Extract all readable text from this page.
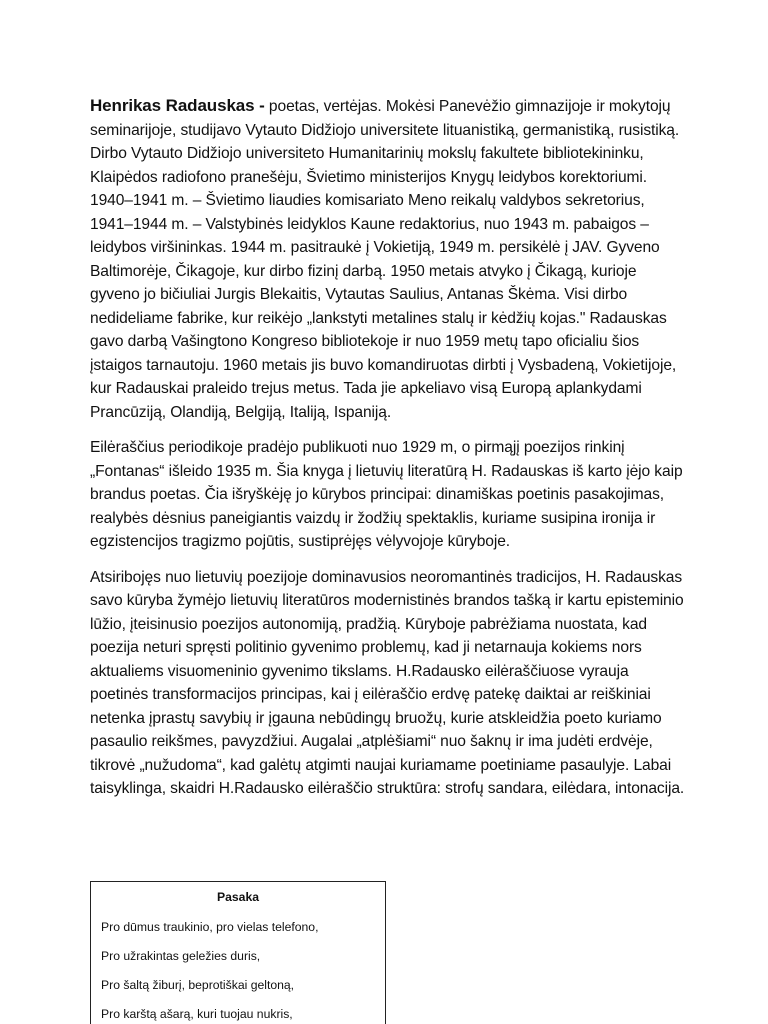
Henrikas Radauskas - poetas, vertėjas. Mokėsi Panevėžio gimnazijoje ir mokytojų seminarijoje, studijavo Vytauto Didžiojo universitete lituanistiką, germanistiką, rusistiką. Dirbo Vytauto Didžiojo universiteto Humanitarinių mokslų fakultete bibliotekininku, Klaipėdos radiofono pranešėju, Švietimo ministerijos Knygų leidybos korektoriumi. 1940–1941 m. – Švietimo liaudies komisariato Meno reikalų valdybos sekretorius, 1941–1944 m. – Valstybinės leidyklos Kaune redaktorius, nuo 1943 m. pabaigos – leidybos viršininkas. 1944 m. pasitraukė į Vokietiją, 1949 m. persikėlė į JAV. Gyveno Baltimorėje, Čikagoje, kur dirbo fizinį darbą. 1950 metais atvyko į Čikagą, kurioje gyveno jo bičiuliai Jurgis Blekaitis, Vytautas Saulius, Antanas Škėma. Visi dirbo nedideliame fabrike, kur reikėjo „lankstyti metalines stalų ir kėdžių kojas." Radauskas gavo darbą Vašingtono Kongreso bibliotekoje ir nuo 1959 metų tapo oficialiu šios įstaigos tarnautoju. 1960 metais jis buvo komandiruotas dirbti į Vysbadeną, Vokietijoje, kur Radauskai praleido trejus metus. Tada jie apkeliavo visą Europą aplankydami Prancūziją, Olandiją, Belgiją, Italiją, Ispaniją.

Eilėraščius periodikoje pradėjo publikuoti nuo 1929 m, o pirmąjį poezijos rinkinį „Fontanas“ išleido 1935 m. Šia knyga į lietuvių literatūrą H. Radauskas iš karto įėjo kaip brandus poetas. Čia išryškėję jo kūrybos principai: dinamiškas poetinis pasakojimas, realybės dėsnius paneigiantis vaizdų ir žodžių spektaklis, kuriame susipina ironija ir egzistencijos tragizmo pojūtis, sustiprėjęs vėlyvojoje kūryboje.

Atsiribojęs nuo lietuvių poezijoje dominavusios neoromantinės tradicijos, H. Radauskas savo kūryba žymėjo lietuvių literatūros modernistinės brandos tašką ir kartu episteminio lūžio, įteisinusio poezijos autonomiją, pradžią. Kūryboje pabrėžiama nuostata, kad poezija neturi spręsti politinio gyvenimo problemų, kad ji netarnauja kokiems nors aktualiems visuomeninio gyvenimo tikslams. H.Radausko eilėraščiuose vyrauja poetinės transformacijos principas, kai į eilėraščio erdvę patekę daiktai ar reiškiniai netenka įprastų savybių ir įgauna nebūdingų bruožų, kurie atskleidžia poeto kuriamo pasaulio reikšmes, pavyzdžiui. Augalai „atplėšiami“ nuo šaknų ir ima judėti erdvėje, tikrovė „nužudoma“, kad galėtų atgimti naujai kuriamame poetiniame pasaulyje. Labai taisyklinga, skaidri H.Radausko eilėraščio struktūra: strofų sandara, eilėdara, intonacija.

Pasaka
Pro dūmus traukinio, pro vielas telefono,
Pro užrakintas geležies duris,
Pro šaltą žiburį, beprotiškai geltoną,
Pro karštą ašarą, kuri tuojau nukris,
